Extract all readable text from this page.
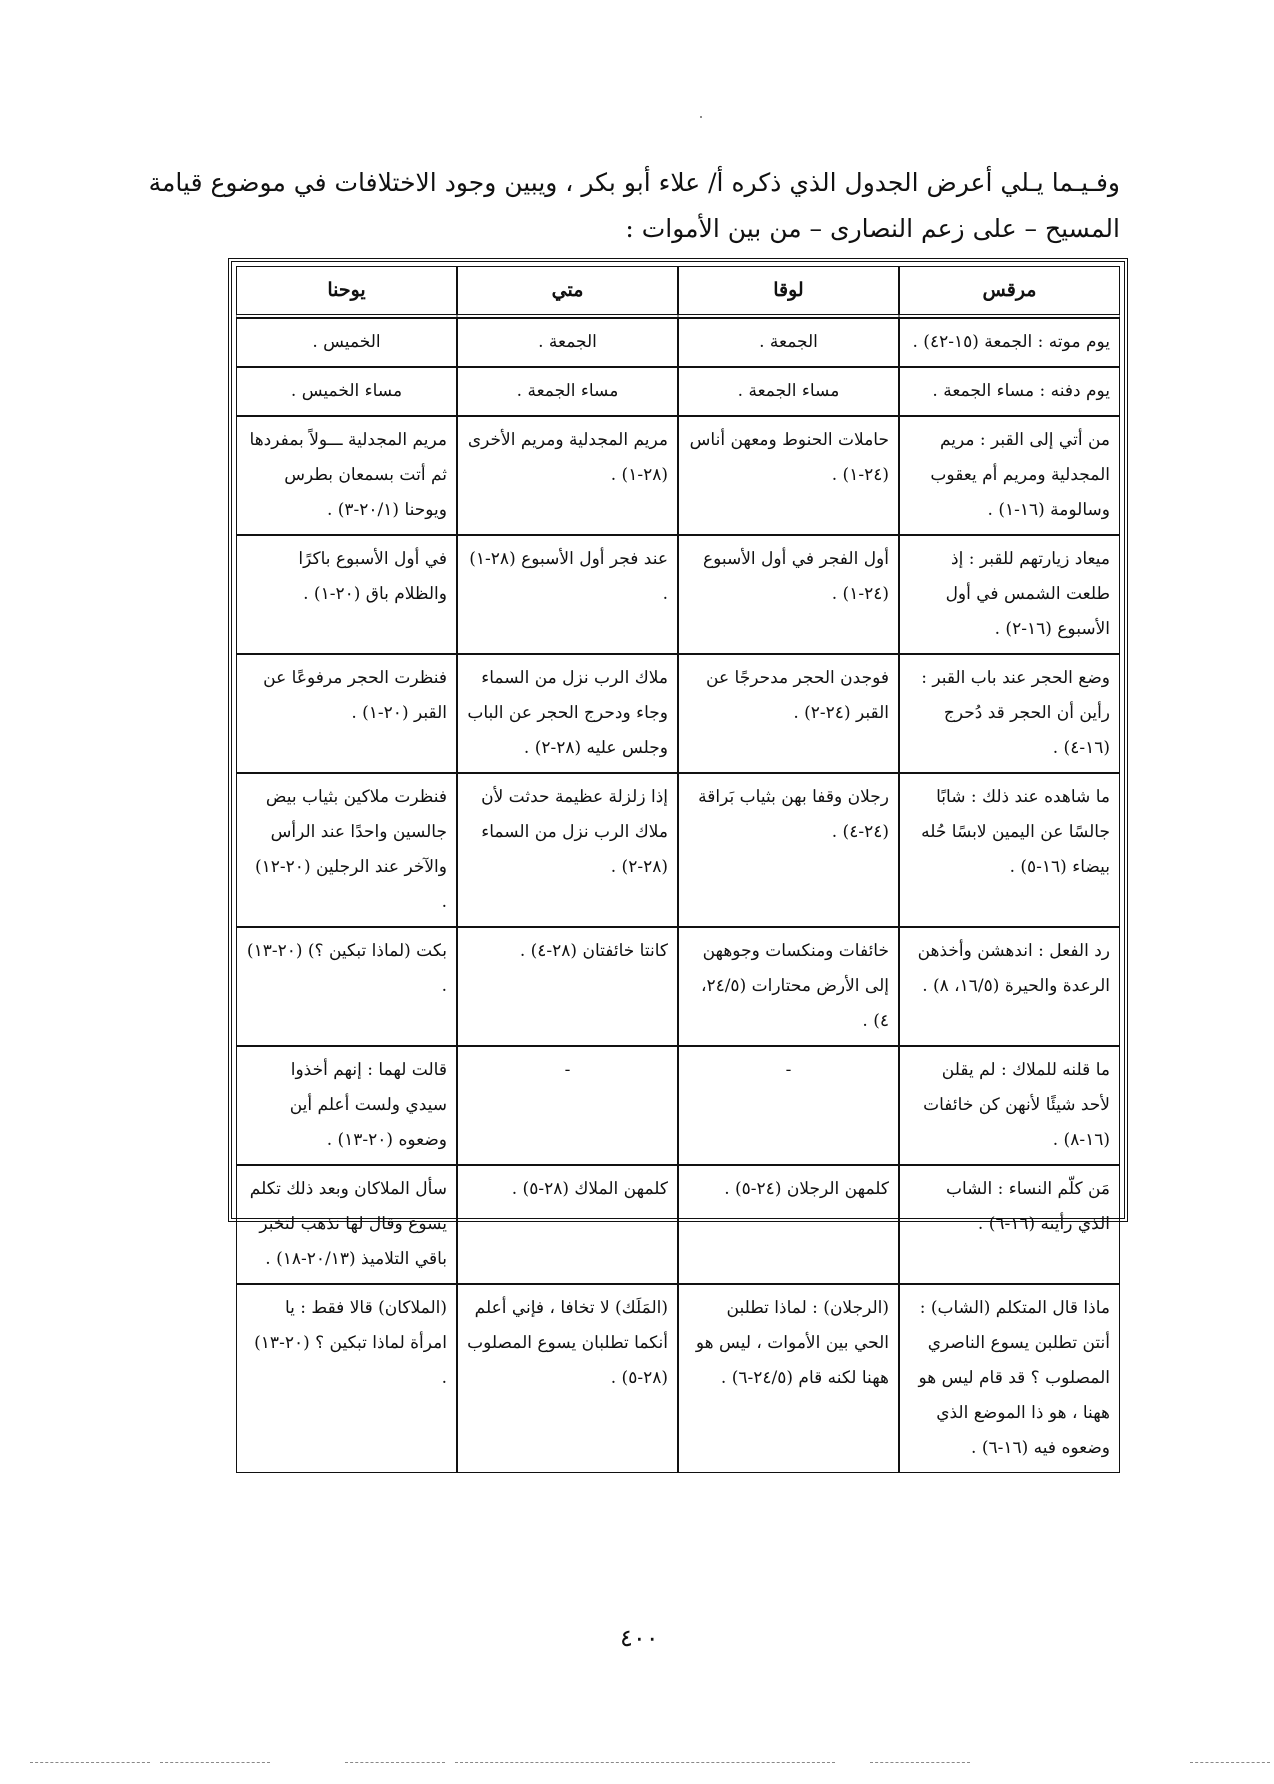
وفـيـما يـلي أعرض الجدول الذي ذكره أ/ علاء أبو بكر ، ويبين وجود الاختلافات في موضوع قيامة

المسيح – على زعم النصارى – من بين الأموات :

مرقس	لوقا	متي	يوحنا
يوم موته : الجمعة (١٥-٤٢) .	الجمعة .	الجمعة .	الخميس .
يوم دفنه : مساء الجمعة .	مساء الجمعة .	مساء الجمعة .	مساء الخميس .
من أتي إلى القبر : مريم المجدلية ومريم أم يعقوب وسالومة (١٦-١) .	حاملات الحنوط ومعهن أناس (٢٤-١) .	مريم المجدلية ومريم الأخرى (٢٨-١) .	مريم المجدلية ـــولاً بمفردها ثم أتت بسمعان بطرس ويوحنا (٢٠/١-٣) .
ميعاد زيارتهم للقبر : إذ طلعت الشمس في أول الأسبوع (١٦-٢) .	أول الفجر في أول الأسبوع (٢٤-١) .	عند فجر أول الأسبوع (٢٨-١) .	في أول الأسبوع باكرًا والظلام باق (٢٠-١) .
وضع الحجر عند باب القبر : رأين أن الحجر قد دُحرج (١٦-٤) .	فوجدن الحجر مدحرجًا عن القبر (٢٤-٢) .	ملاك الرب نزل من السماء وجاء ودحرج الحجر عن الباب وجلس عليه (٢٨-٢) .	فنظرت الحجر مرفوعًا عن القبر (٢٠-١) .
ما شاهده عند ذلك : شابًا جالسًا عن اليمين لابسًا حُله بيضاء (١٦-٥) .	رجلان وقفا بهن بثياب بَراقة (٢٤-٤) .	إذا زلزلة عظيمة حدثت لأن ملاك الرب نزل من السماء (٢٨-٢) .	فنظرت ملاكين بثياب بيض جالسين واحدًا عند الرأس والآخر عند الرجلين (٢٠-١٢) .
رد الفعل : اندهشن وأخذهن الرعدة والحيرة (١٦/٥، ٨) .	خائفات ومنكسات وجوههن إلى الأرض محتارات (٢٤/٥، ٤) .	كانتا خائفتان (٢٨-٤) .	بكت (لماذا تبكين ؟) (٢٠-١٣) .
ما قلنه للملاك : لم يقلن لأحد شيئًا لأنهن كن خائفات (١٦-٨) .	-	-	قالت لهما : إنهم أخذوا سيدي ولست أعلم أين وضعوه (٢٠-١٣) .
مَن كلّم النساء : الشاب الذي رأينه (١٦-٦) .	كلمهن الرجلان (٢٤-٥) .	كلمهن الملاك (٢٨-٥) .	سأل الملاكان وبعد ذلك تكلم يسوع وقال لها نذهب لتخبر باقي التلاميذ (٢٠/١٣-١٨) .
ماذا قال المتكلم (الشاب) : أنتن تطلبن يسوع الناصري المصلوب ؟ قد قام ليس هو ههنا ، هو ذا الموضع الذي وضعوه فيه (١٦-٦) .	(الرجلان) : لماذا تطلبن الحي بين الأموات ، ليس هو ههنا لكنه قام (٢٤/٥-٦) .	(المَلَك) لا تخافا ، فإني أعلم أنكما تطلبان يسوع المصلوب (٢٨-٥) .	(الملاكان) قالا فقط : يا امرأة لماذا تبكين ؟ (٢٠-١٣) .
٤٠٠
